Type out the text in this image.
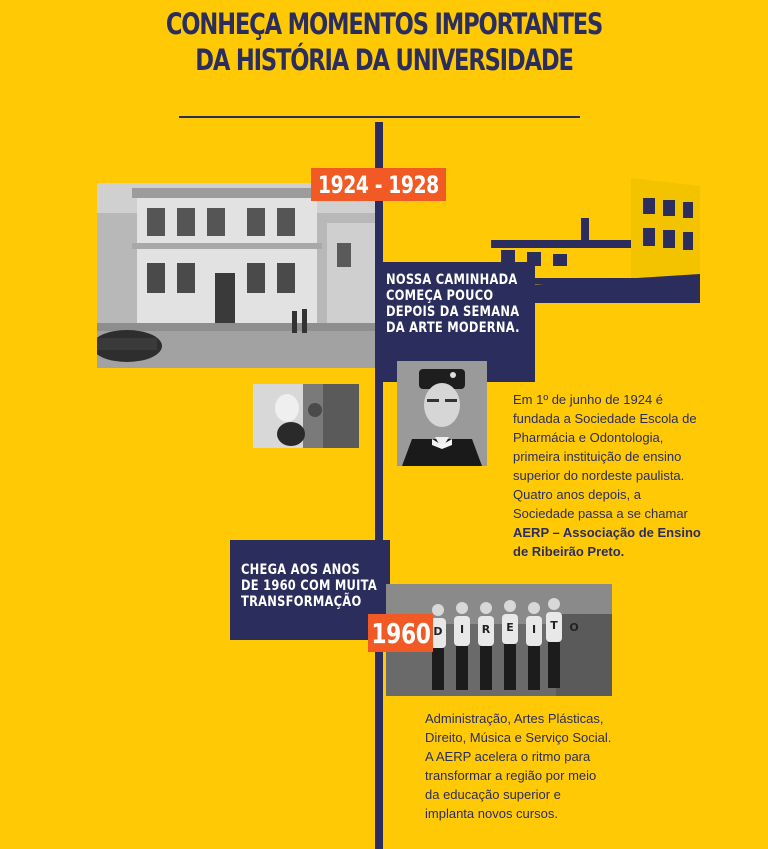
CONHEÇA MOMENTOS IMPORTANTES
DA HISTÓRIA DA UNIVERSIDADE
1924 - 1928
NOSSA CAMINHADA
COMEÇA POUCO
DEPOIS DA SEMANA
DA ARTE MODERNA.
Em 1º de junho de 1924 é
fundada a Sociedade Escola de
Pharmácia e Odontologia,
primeira instituição de ensino
superior do nordeste paulista.
Quatro anos depois, a
Sociedade passa a se chamar
AERP – Associação de Ensino
de Ribeirão Preto.
CHEGA AOS ANOS
DE 1960 COM MUITA
TRANSFORMAÇÃO
D I R E I T O
1960
Administração, Artes Plásticas,
Direito, Música e Serviço Social.
A AERP acelera o ritmo para
transformar a região por meio
da educação superior e
implanta novos cursos.
